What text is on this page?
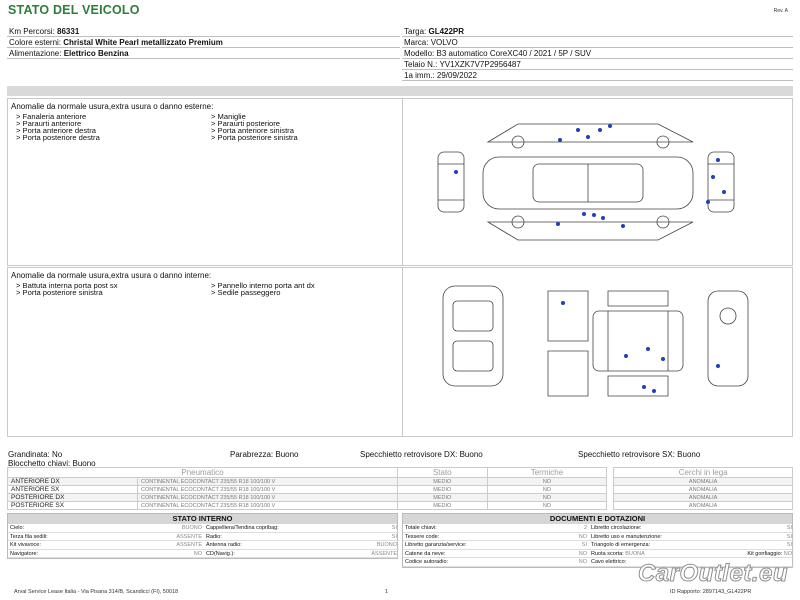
STATO DEL VEICOLO	Rev. A
Km Percorsi: 86331
Colore esterni: Christal White Pearl metallizzato Premium
Alimentazione: Elettrico Benzina
Targa: GL422PR
Marca: VOLVO
Modello: B3 automatico CoreXC40 / 2021 / 5P / SUV
Telaio N.: YV1XZK7V7P2956487
1a imm.: 29/09/2022
Anomalie da normale usura,extra usura o danno esterne:
> Fanaleria anteriore	> Maniglie
> Paraurti anteriore	> Paraurti posteriore
> Porta anteriore destra	> Porta anteriore sinistra
> Porta posteriore destra	> Porta posteriore sinistra
Anomalie da normale usura,extra usura o danno interne:
> Battuta interna porta post sx	> Pannello interno porta ant dx
> Porta posteriore sinistra	> Sedile passeggero
Grandinata: No	Parabrezza: Buono	Specchietto retrovisore DX: Buono	Specchietto retrovisore SX: Buono
Blocchetto chiavi: Buono
Pneumatico		Stato	Termiche		Cerchi in lega
ANTERIORE DX	CONTINENTAL ECOCONTACT 235/55 R18 100/100 V	MEDIO	NO		ANOMALIA
ANTERIORE SX	CONTINENTAL ECOCONTACT 235/55 R18 100/100 V	MEDIO	NO		ANOMALIA
POSTERIORE DX	CONTINENTAL ECOCONTACT 235/55 R18 100/100 V	MEDIO	NO		ANOMALIA
POSTERIORE SX	CONTINENTAL ECOCONTACT 235/55 R18 100/100 V	MEDIO	NO		ANOMALIA
STATO INTERNO
Cielo:	BUONO Cappelliera/Tendina copribag:	SI
Terza fila sedili:	ASSENTE Radio:	SI
Kit vivavoce:	ASSENTE Antenna radio:	BUONO
Navigatore:	NO CD(Navig.):	ASSENTE
DOCUMENTI E DOTAZIONI
Totale chiavi:	2 Libretto circolazione:	SI
Tessere code:	NO Libretto uso e manutenzione:	SI
Libretto garanzia/service:	SI Triangolo di emergenza:	SI
Catene da neve:	NO Ruota scorta: BUONA	Kit gonfiaggio: NO
Codice autoradio:	NO Cavo elettrico:
Arval Service Lease Italia - Via Pisana 314/B, Scandicci (FI), 50018	1	ID Rapporto: 2897143_GL422PR
CarOutlet.eu
